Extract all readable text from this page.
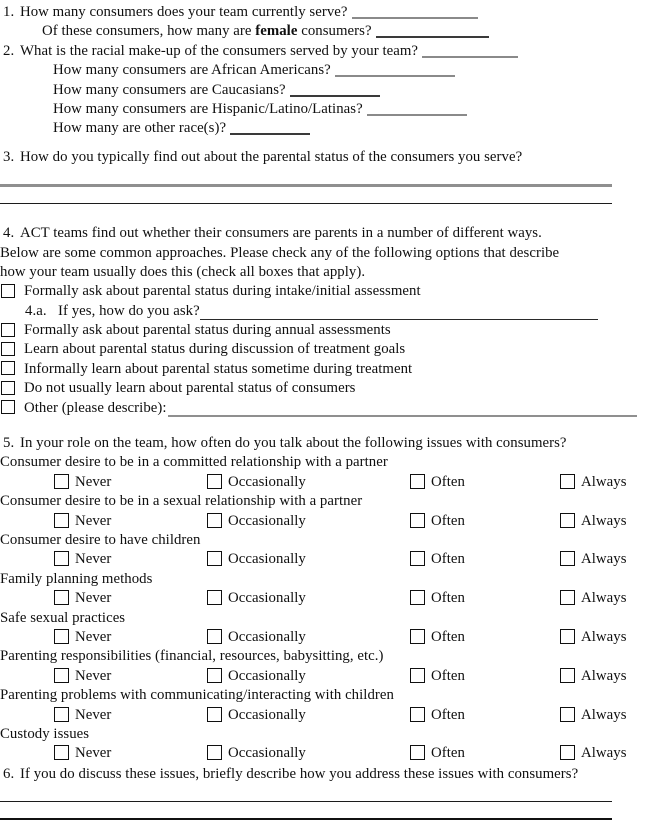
1. How many consumers does your team currently serve?
Of these consumers, how many are female consumers?
2. What is the racial make-up of the consumers served by your team?
How many consumers are African Americans?
How many consumers are Caucasians?
How many consumers are Hispanic/Latino/Latinas?
How many are other race(s)?
3. How do you typically find out about the parental status of the consumers you serve?
4. ACT teams find out whether their consumers are parents in a number of different ways.
Below are some common approaches. Please check any of the following options that describe
how your team usually does this (check all boxes that apply).
Formally ask about parental status during intake/initial assessment
4.a. If yes, how do you ask?
Formally ask about parental status during annual assessments
Learn about parental status during discussion of treatment goals
Informally learn about parental status sometime during treatment
Do not usually learn about parental status of consumers
Other (please describe):
5. In your role on the team, how often do you talk about the following issues with consumers?
Consumer desire to be in a committed relationship with a partner
Never	Occasionally	Often	Always
Consumer desire to be in a sexual relationship with a partner
Never	Occasionally	Often	Always
Consumer desire to have children
Never	Occasionally	Often	Always
Family planning methods
Never	Occasionally	Often	Always
Safe sexual practices
Never	Occasionally	Often	Always
Parenting responsibilities (financial, resources, babysitting, etc.)
Never	Occasionally	Often	Always
Parenting problems with communicating/interacting with children
Never	Occasionally	Often	Always
Custody issues
Never	Occasionally	Often	Always
6. If you do discuss these issues, briefly describe how you address these issues with consumers?
